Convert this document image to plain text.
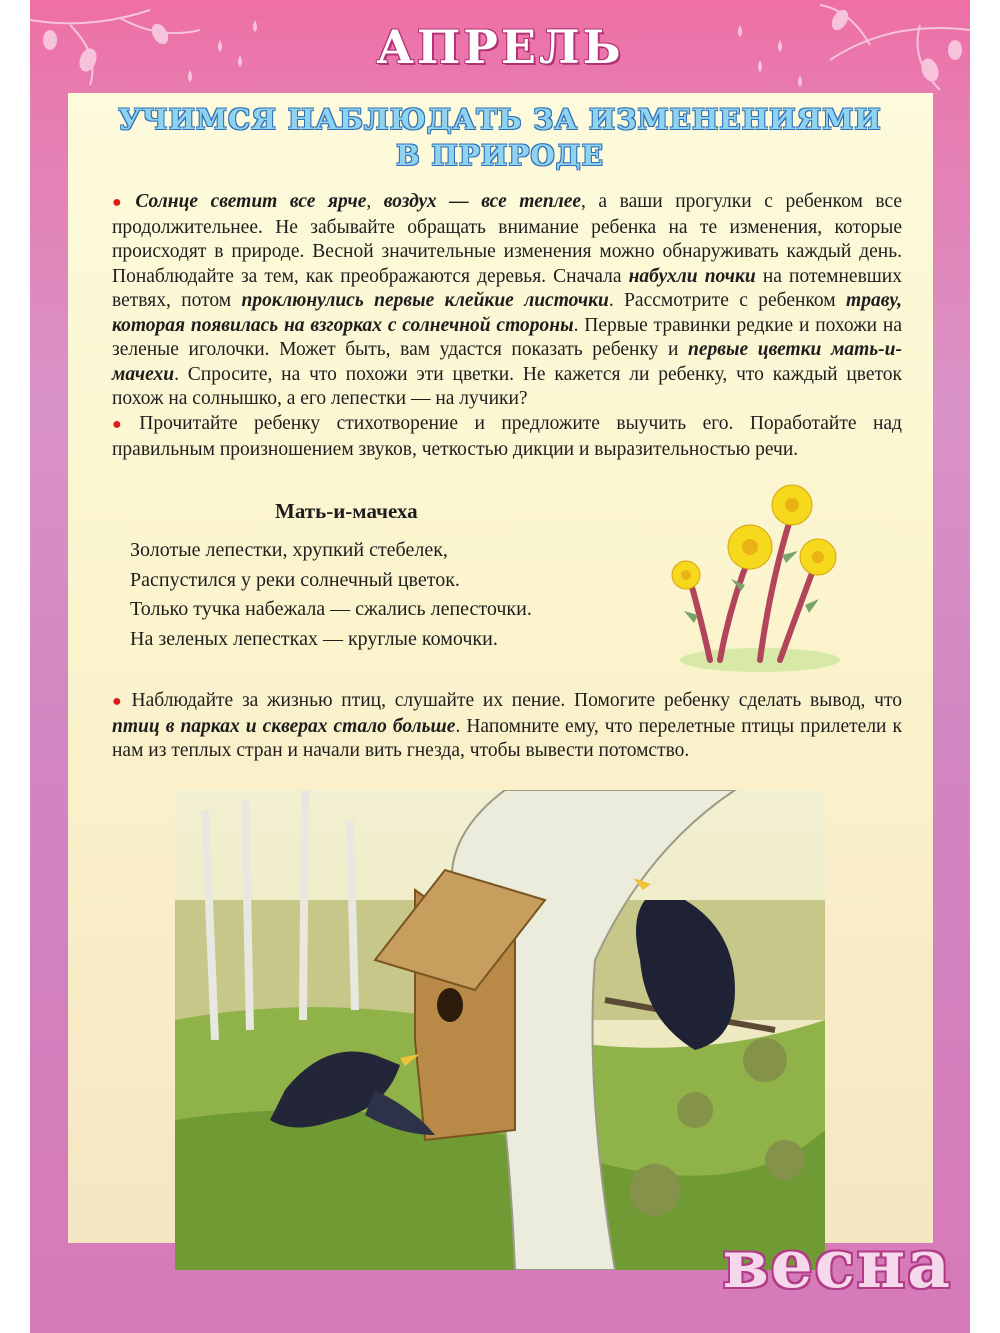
АПРЕЛЬ
УЧИМСЯ НАБЛЮДАТЬ ЗА ИЗМЕНЕНИЯМИ
В ПРИРОДЕ

● Солнце светит все ярче, воздух — все теплее, а ваши прогулки с ребенком все продолжительнее. Не забывайте обращать внимание ребенка на те изменения, которые происходят в природе. Весной значительные изменения можно обнаруживать каждый день. Понаблюдайте за тем, как преображаются деревья. Сначала набухли почки на потемневших ветвях, потом проклюнулись первые клейкие листочки. Рассмотрите с ребенком траву, которая появилась на взгорках с солнечной стороны. Первые травинки редкие и похожи на зеленые иголочки. Может быть, вам удастся показать ребенку и первые цветки мать-и-мачехи. Спросите, на что похожи эти цветки. Не кажется ли ребенку, что каждый цветок похож на солнышко, а его лепестки — на лучики?

● Прочитайте ребенку стихотворение и предложите выучить его. Поработайте над правильным произношением звуков, четкостью дикции и выразительностью речи.

Мать-и-мачеха
Золотые лепестки, хрупкий стебелек,
Распустился у реки солнечный цветок.
Только тучка набежала — сжались лепесточки.
На зеленых лепестках — круглые комочки.

● Наблюдайте за жизнью птиц, слушайте их пение. Помогите ребенку сделать вывод, что птиц в парках и скверах стало больше. Напомните ему, что перелетные птицы прилетели к нам из теплых стран и начали вить гнезда, чтобы вывести потомство.

весна
